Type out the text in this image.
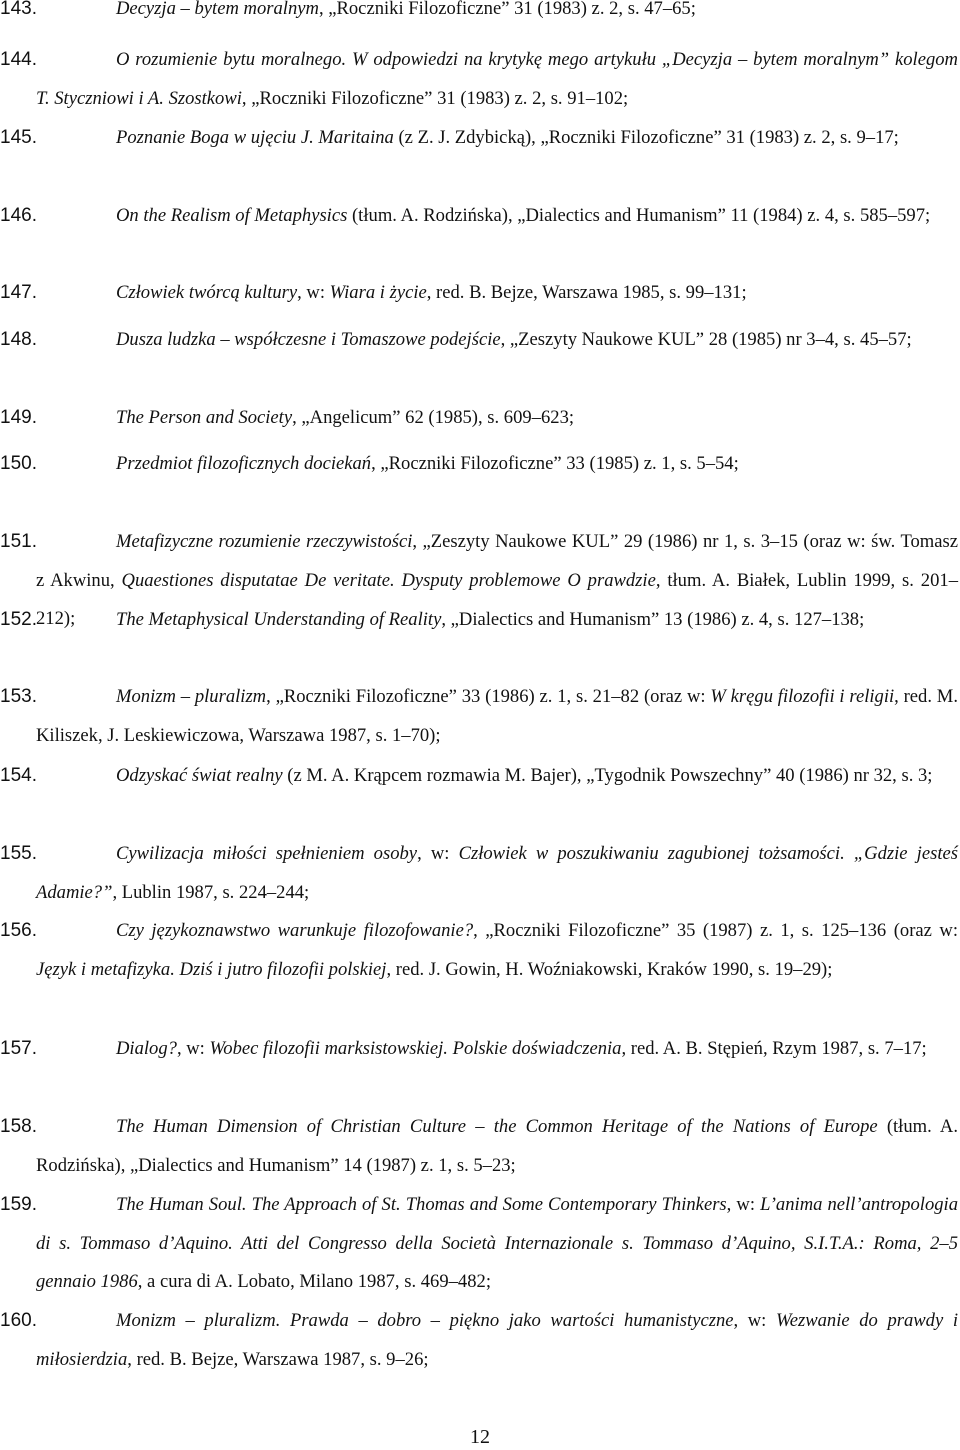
143.	Decyzja – bytem moralnym, „Roczniki Filozoficzne” 31 (1983) z. 2, s. 47–65;
144.	O rozumienie bytu moralnego. W odpowiedzi na krytykę mego artykułu „Decyzja – bytem moralnym” kolegom T. Styczniowi i A. Szostkowi, „Roczniki Filozoficzne” 31 (1983) z. 2, s. 91–102;
145.	Poznanie Boga w ujęciu J. Maritaina (z Z. J. Zdybicką), „Roczniki Filozoficzne” 31 (1983) z. 2, s. 9–17;
146.	On the Realism of Metaphysics (tłum. A. Rodzińska), „Dialectics and Humanism” 11 (1984) z. 4, s. 585–597;
147.	Człowiek twórcą kultury, w: Wiara i życie, red. B. Bejze, Warszawa 1985, s. 99–131;
148.	Dusza ludzka – współczesne i Tomaszowe podejście, „Zeszyty Naukowe KUL” 28 (1985) nr 3–4, s. 45–57;
149.	The Person and Society, „Angelicum” 62 (1985), s. 609–623;
150.	Przedmiot filozoficznych dociekań, „Roczniki Filozoficzne” 33 (1985) z. 1, s. 5–54;
151.	Metafizyczne rozumienie rzeczywistości, „Zeszyty Naukowe KUL” 29 (1986) nr 1, s. 3–15 (oraz w: św. Tomasz z Akwinu, Quaestiones disputatae De veritate. Dysputy problemowe O prawdzie, tłum. A. Białek, Lublin 1999, s. 201–212);
152.	The Metaphysical Understanding of Reality, „Dialectics and Humanism” 13 (1986) z. 4, s. 127–138;
153.	Monizm – pluralizm, „Roczniki Filozoficzne” 33 (1986) z. 1, s. 21–82 (oraz w: W kręgu filozofii i religii, red. M. Kiliszek, J. Leskiewiczowa, Warszawa 1987, s. 1–70);
154.	Odzyskać świat realny (z M. A. Krąpcem rozmawia M. Bajer), „Tygodnik Powszechny” 40 (1986) nr 32, s. 3;
155.	Cywilizacja miłości spełnieniem osoby, w: Człowiek w poszukiwaniu zagubionej tożsamości. „Gdzie jesteś Adamie?”, Lublin 1987, s. 224–244;
156.	Czy językoznawstwo warunkuje filozofowanie?, „Roczniki Filozoficzne” 35 (1987) z. 1, s. 125–136 (oraz w: Język i metafizyka. Dziś i jutro filozofii polskiej, red. J. Gowin, H. Woźniakowski, Kraków 1990, s. 19–29);
157.	Dialog?, w: Wobec filozofii marksistowskiej. Polskie doświadczenia, red. A. B. Stępień, Rzym 1987, s. 7–17;
158.	The Human Dimension of Christian Culture – the Common Heritage of the Nations of Europe (tłum. A. Rodzińska), „Dialectics and Humanism” 14 (1987) z. 1, s. 5–23;
159.	The Human Soul. The Approach of St. Thomas and Some Contemporary Thinkers, w: L’anima nell’antropologia di s. Tommaso d’Aquino. Atti del Congresso della Società Internazionale s. Tommaso d’Aquino, S.I.T.A.: Roma, 2–5 gennaio 1986, a cura di A. Lobato, Milano 1987, s. 469–482;
160.	Monizm – pluralizm. Prawda – dobro – piękno jako wartości humanistyczne, w: Wezwanie do prawdy i miłosierdzia, red. B. Bejze, Warszawa 1987, s. 9–26;
12
